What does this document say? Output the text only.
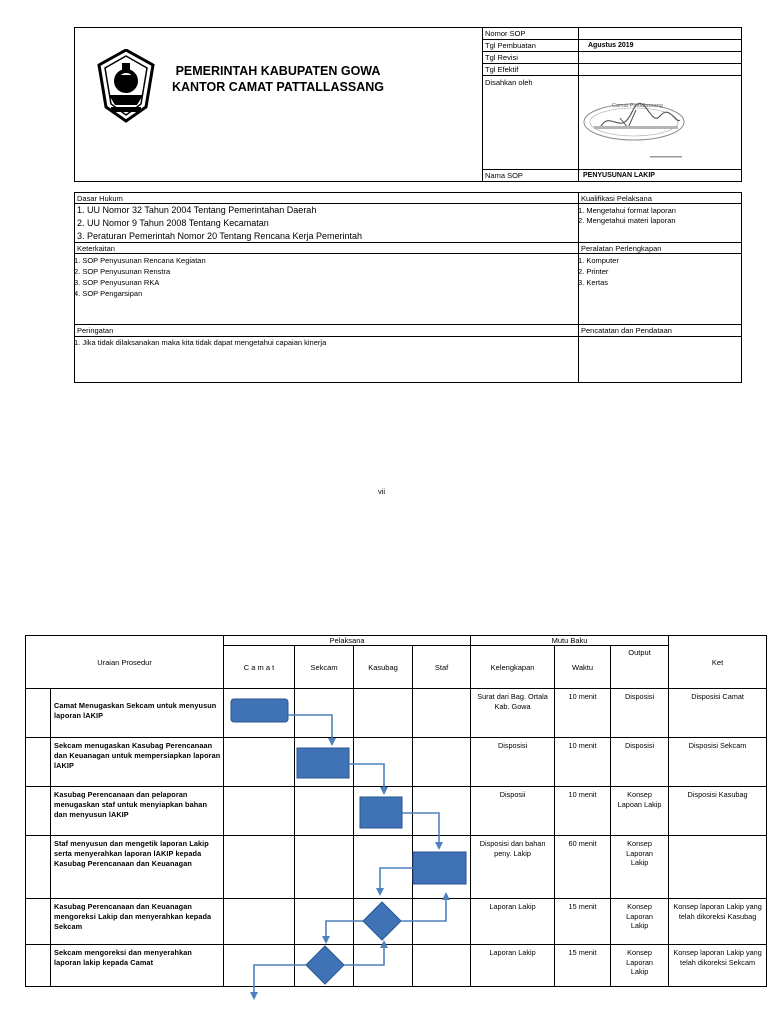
PEMERINTAH KABUPATEN GOWA
KANTOR CAMAT PATTALLASSANG
Nomor SOP
Tgl Pembuatan	Agustus 2019
Tgl Revisi
Tgl Efektif
Disahkan oleh
Nama SOP	PENYUSUNAN LAKIP
Camat Pattallassang
Dasar Hukum
1. UU Nomor 32 Tahun 2004 Tentang Pemerintahan Daerah
2. UU Nomor 9 Tahun 2008 Tentang Kecamatan
3. Peraturan Pemerintah Nomor 20 Tentang Rencana Kerja Pemerintah
Kualifikasi Pelaksana
1. Mengetahui format laporan
2. Mengetahui materi laporan
Keterkaitan
1. SOP Penyusunan Rencana Kegiatan
2. SOP Penyusunan Renstra
3. SOP Penyusunan RKA
4. SOP Pengarsipan
Peralatan Perlengkapan
1. Komputer
2. Printer
3. Kertas
Peringatan
1. Jika tidak dilaksanakan maka kita tidak dapat mengetahui capaian kinerja
Pencatatan dan Pendataan
vii
Uraian Prosedur		Pelaksana				Mutu Baku			Ket
		C a m a t	Sekcam	Kasubag	Staf	Kelengkapan	Waktu	Output	
	Camat Menugaskan Sekcam untuk menyusun laporan lAKIP					Surat dari Bag. Ortala Kab. Gowa	10 menit	Disposisi	Disposisi Camat
	Sekcam menugaskan Kasubag Perencanaan dan Keuanagan untuk mempersiapkan laporan lAKIP					Disposisi	10 menit	Disposisi	Disposisi Sekcam
	Kasubag Perencanaan dan pelaporan menugaskan staf untuk menyiapkan bahan dan menyusun lAKIP					Disposii	10 menit	Konsep Lapoan Lakip	Disposisi Kasubag
	Staf menyusun dan mengetik laporan Lakip serta menyerahkan laporan lAKIP kepada Kasubag Perencanaan dan Keuanagan					Disposisi dan bahan peny. Lakip	60 menit	Konsep Laporan Lakip	
	Kasubag Perencanaan dan Keuanagan mengoreksi Lakip dan menyerahkan kepada Sekcam					Laporan Lakip	15 menit	Konsep Laporan Lakip	Konsep laporan Lakip yang telah dikoreksi Kasubag
	Sekcam mengoreksi dan menyerahkan laporan lakip kepada Camat					Laporan Lakip	15 menit	Konsep Laporan Lakip	Konsep laporan Lakip yang telah dikoreksi Sekcam
